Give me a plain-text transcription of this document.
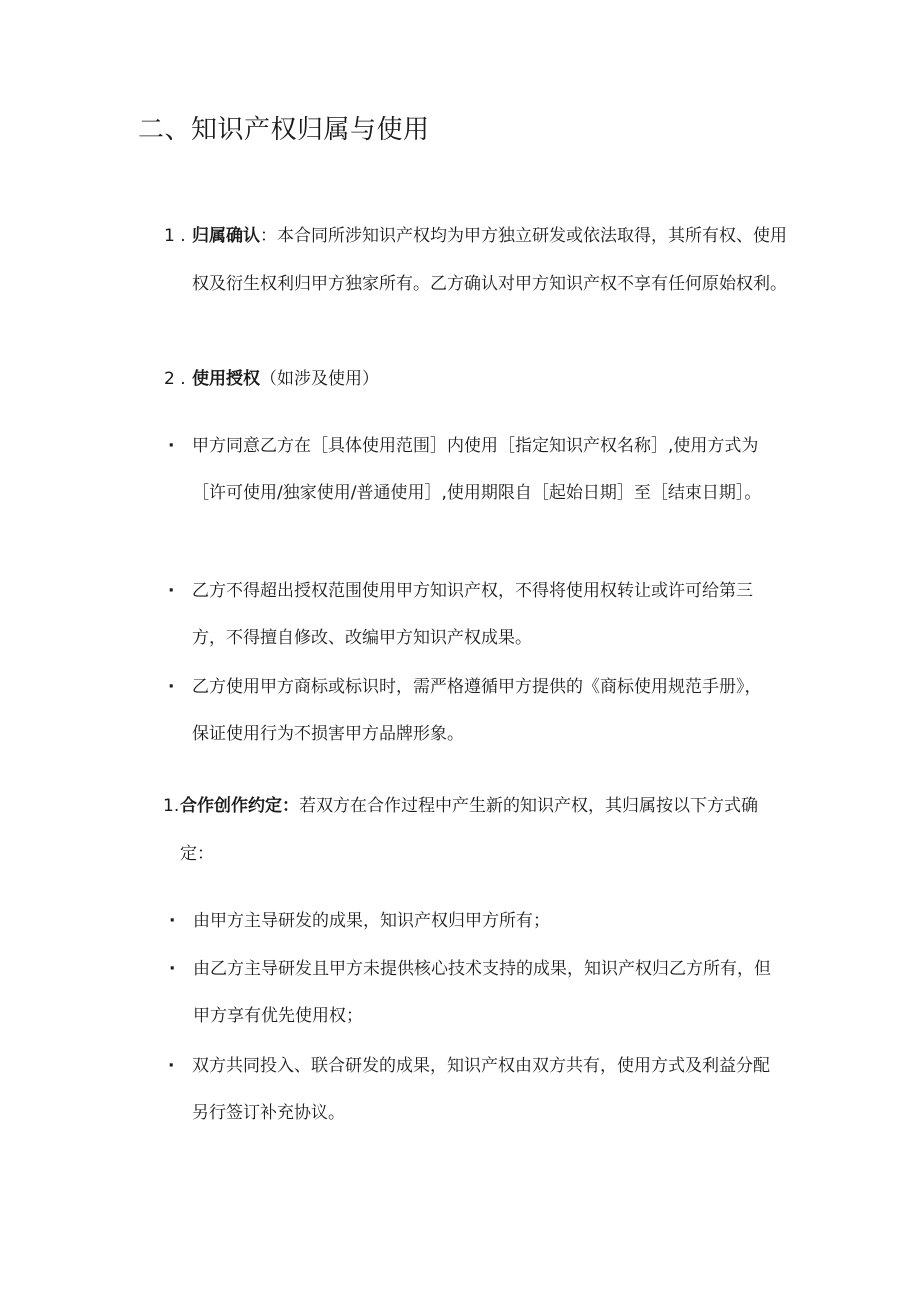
二、知识产权归属与使用

1 . 归属确认：本合同所涉知识产权均为甲方独立研发或依法取得，其所有权、使用权及衍生权利归甲方独家所有。乙方确认对甲方知识产权不享有任何原始权利。

2 . 使用授权（如涉及使用）

· 甲方同意乙方在［具体使用范围］内使用［指定知识产权名称］,使用方式为［许可使用/独家使用/普通使用］,使用期限自［起始日期］至［结束日期］。

· 乙方不得超出授权范围使用甲方知识产权，不得将使用权转让或许可给第三方，不得擅自修改、改编甲方知识产权成果。

· 乙方使用甲方商标或标识时，需严格遵循甲方提供的《商标使用规范手册》，保证使用行为不损害甲方品牌形象。

1. 合作创作约定：若双方在合作过程中产生新的知识产权，其归属按以下方式确定：

· 由甲方主导研发的成果，知识产权归甲方所有；

· 由乙方主导研发且甲方未提供核心技术支持的成果，知识产权归乙方所有，但甲方享有优先使用权；

· 双方共同投入、联合研发的成果，知识产权由双方共有，使用方式及利益分配另行签订补充协议。
